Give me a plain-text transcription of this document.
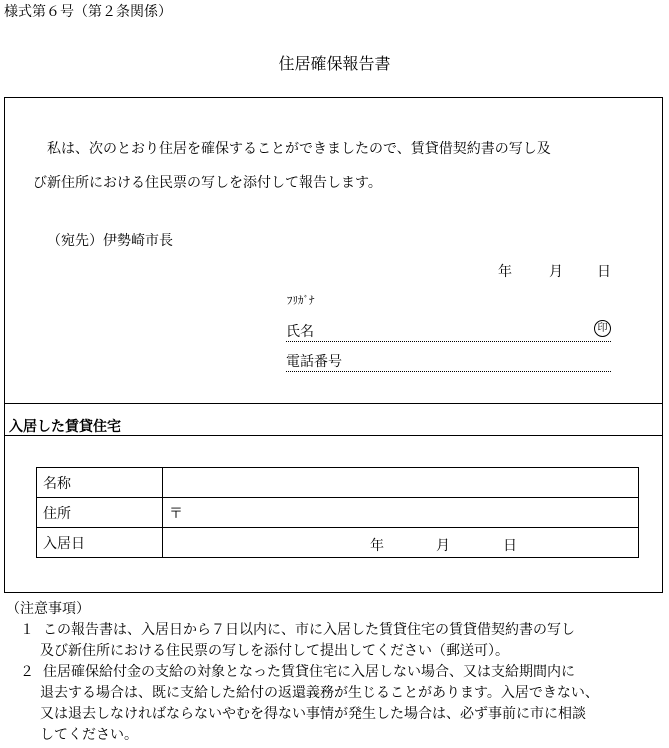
様式第６号（第２条関係）
住居確保報告書
私は、次のとおり住居を確保することができましたので、賃貸借契約書の写し及
び新住所における住民票の写しを添付して報告します。
（宛先）伊勢崎市長
年	月 日
ﾌﾘｶﾞﾅ
氏名	印
電話番号
入居した賃貸住宅
名称	
住所	〒
入居日	年 月 日
（注意事項）
１ この報告書は、入居日から７日以内に、市に入居した賃貸住宅の賃貸借契約書の写し
及び新住所における住民票の写しを添付して提出してください（郵送可）。
２ 住居確保給付金の支給の対象となった賃貸住宅に入居しない場合、又は支給期間内に
退去する場合は、既に支給した給付の返還義務が生じることがあります。入居できない、
又は退去しなければならないやむを得ない事情が発生した場合は、必ず事前に市に相談
してください。
